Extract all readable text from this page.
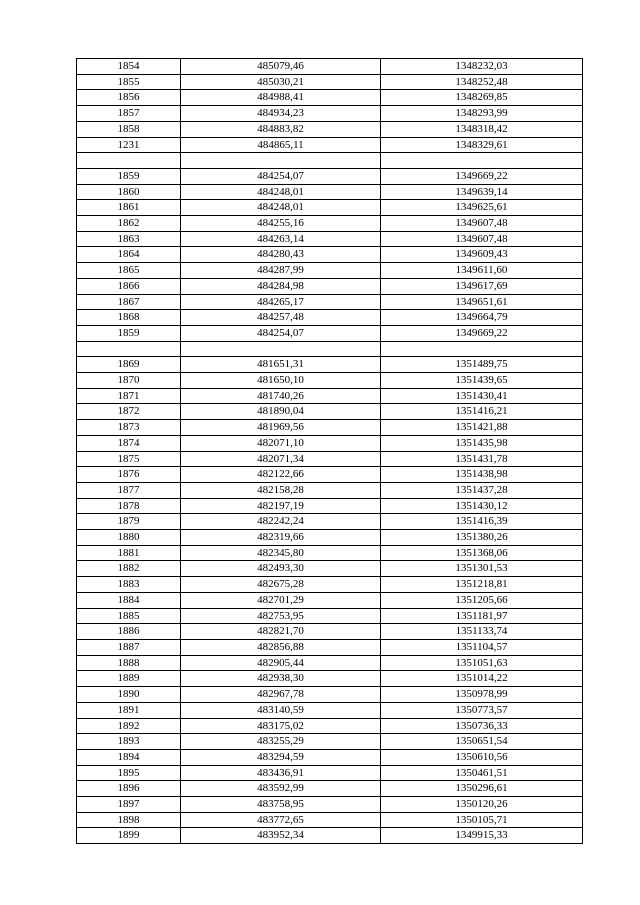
1854	485079,46	1348232,03
1855	485030,21	1348252,48
1856	484988,41	1348269,85
1857	484934,23	1348293,99
1858	484883,82	1348318,42
1231	484865,11	1348329,61

1859	484254,07	1349669,22
1860	484248,01	1349639,14
1861	484248,01	1349625,61
1862	484255,16	1349607,48
1863	484263,14	1349607,48
1864	484280,43	1349609,43
1865	484287,99	1349611,60
1866	484284,98	1349617,69
1867	484265,17	1349651,61
1868	484257,48	1349664,79
1859	484254,07	1349669,22

1869	481651,31	1351489,75
1870	481650,10	1351439,65
1871	481740,26	1351430,41
1872	481890,04	1351416,21
1873	481969,56	1351421,88
1874	482071,10	1351435,98
1875	482071,34	1351431,78
1876	482122,66	1351438,98
1877	482158,28	1351437,28
1878	482197,19	1351430,12
1879	482242,24	1351416,39
1880	482319,66	1351380,26
1881	482345,80	1351368,06
1882	482493,30	1351301,53
1883	482675,28	1351218,81
1884	482701,29	1351205,66
1885	482753,95	1351181,97
1886	482821,70	1351133,74
1887	482856,88	1351104,57
1888	482905,44	1351051,63
1889	482938,30	1351014,22
1890	482967,78	1350978,99
1891	483140,59	1350773,57
1892	483175,02	1350736,33
1893	483255,29	1350651,54
1894	483294,59	1350610,56
1895	483436,91	1350461,51
1896	483592,99	1350296,61
1897	483758,95	1350120,26
1898	483772,65	1350105,71
1899	483952,34	1349915,33
